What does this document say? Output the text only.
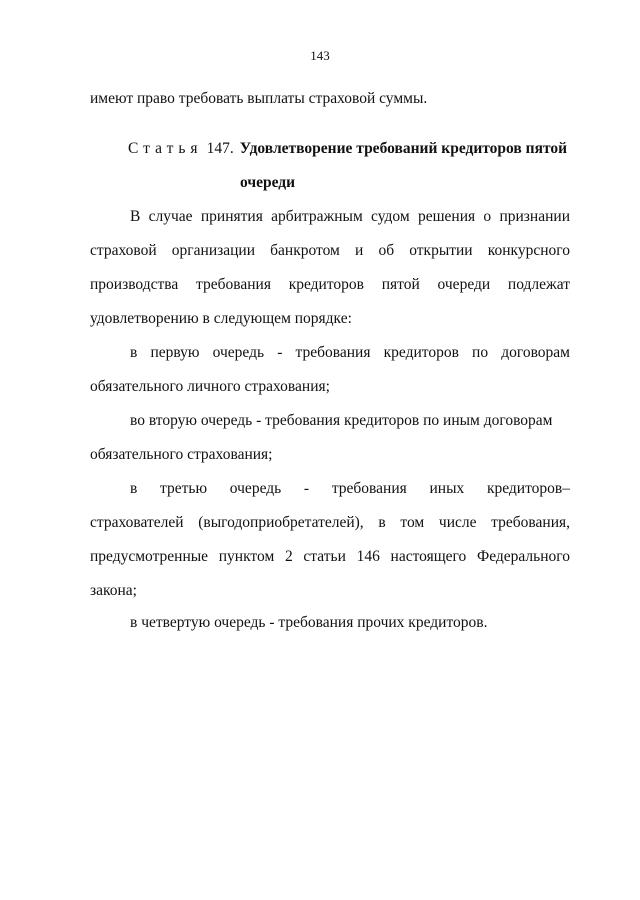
143
имеют право требовать выплаты страховой суммы.
Статья 147. Удовлетворение требований кредиторов пятой
очереди
В случае принятия арбитражным судом решения о признании
страховой организации банкротом и об открытии конкурсного
производства требования кредиторов пятой очереди подлежат
удовлетворению в следующем порядке:
в первую очередь - требования кредиторов по договорам
обязательного личного страхования;
во вторую очередь - требования кредиторов по иным договорам
обязательного страхования;
в третью очередь - требования иных кредиторов–
страхователей (выгодоприобретателей), в том числе требования,
предусмотренные пунктом 2 статьи 146 настоящего Федерального
закона;
в четвертую очередь - требования прочих кредиторов.
